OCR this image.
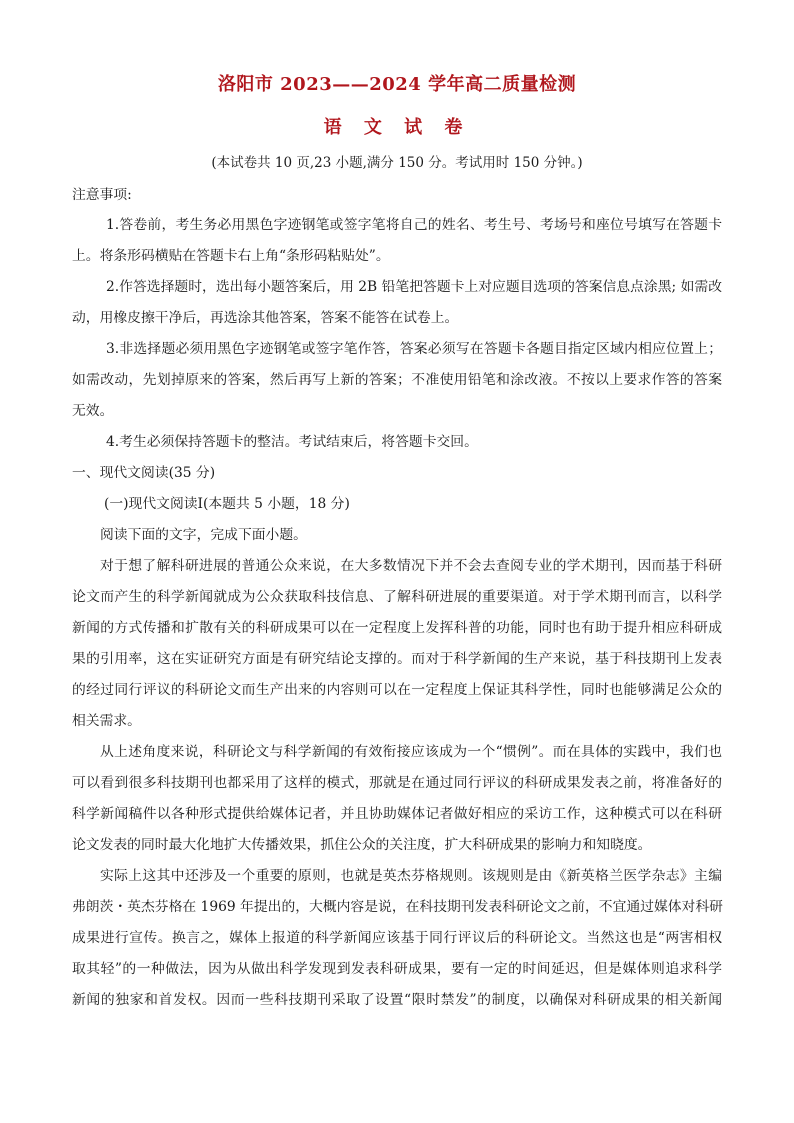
洛阳市 2023——2024 学年高二质量检测
语 文 试 卷
(本试卷共 10 页,23 小题,满分 150 分。考试用时 150 分钟。)
注意事项:
1.答卷前，考生务必用黑色字迹钢笔或签字笔将自己的姓名、考生号、考场号和座位号填写在答题卡
上。将条形码横贴在答题卡右上角“条形码粘贴处”。
2.作答选择题时，选出每小题答案后，用 2B 铅笔把答题卡上对应题目选项的答案信息点涂黑; 如需改
动，用橡皮擦干净后，再选涂其他答案，答案不能答在试卷上。
3.非选择题必须用黑色字迹钢笔或签字笔作答，答案必须写在答题卡各题目指定区域内相应位置上；
如需改动，先划掉原来的答案，然后再写上新的答案；不准使用铅笔和涂改液。不按以上要求作答的答案
无效。
4.考生必须保持答题卡的整洁。考试结束后，将答题卡交回。
一、现代文阅读(35 分)
(一)现代文阅读Ⅰ(本题共 5 小题，18 分)
阅读下面的文字，完成下面小题。
对于想了解科研进展的普通公众来说，在大多数情况下并不会去查阅专业的学术期刊，因而基于科研
论文而产生的科学新闻就成为公众获取科技信息、了解科研进展的重要渠道。对于学术期刊而言，以科学
新闻的方式传播和扩散有关的科研成果可以在一定程度上发挥科普的功能，同时也有助于提升相应科研成
果的引用率，这在实证研究方面是有研究结论支撑的。而对于科学新闻的生产来说，基于科技期刊上发表
的经过同行评议的科研论文而生产出来的内容则可以在一定程度上保证其科学性，同时也能够满足公众的
相关需求。
从上述角度来说，科研论文与科学新闻的有效衔接应该成为一个“惯例”。而在具体的实践中，我们也
可以看到很多科技期刊也都采用了这样的模式，那就是在通过同行评议的科研成果发表之前，将准备好的
科学新闻稿件以各种形式提供给媒体记者，并且协助媒体记者做好相应的采访工作，这种模式可以在科研
论文发表的同时最大化地扩大传播效果，抓住公众的关注度，扩大科研成果的影响力和知晓度。
实际上这其中还涉及一个重要的原则，也就是英杰芬格规则。该规则是由《新英格兰医学杂志》主编
弗朗茨・英杰芬格在 1969 年提出的，大概内容是说，在科技期刊发表科研论文之前，不宜通过媒体对科研
成果进行宣传。换言之，媒体上报道的科学新闻应该基于同行评议后的科研论文。当然这也是“两害相权
取其轻”的一种做法，因为从做出科学发现到发表科研成果，要有一定的时间延迟，但是媒体则追求科学
新闻的独家和首发权。因而一些科技期刊采取了设置“限时禁发”的制度，以确保对科研成果的相关新闻
